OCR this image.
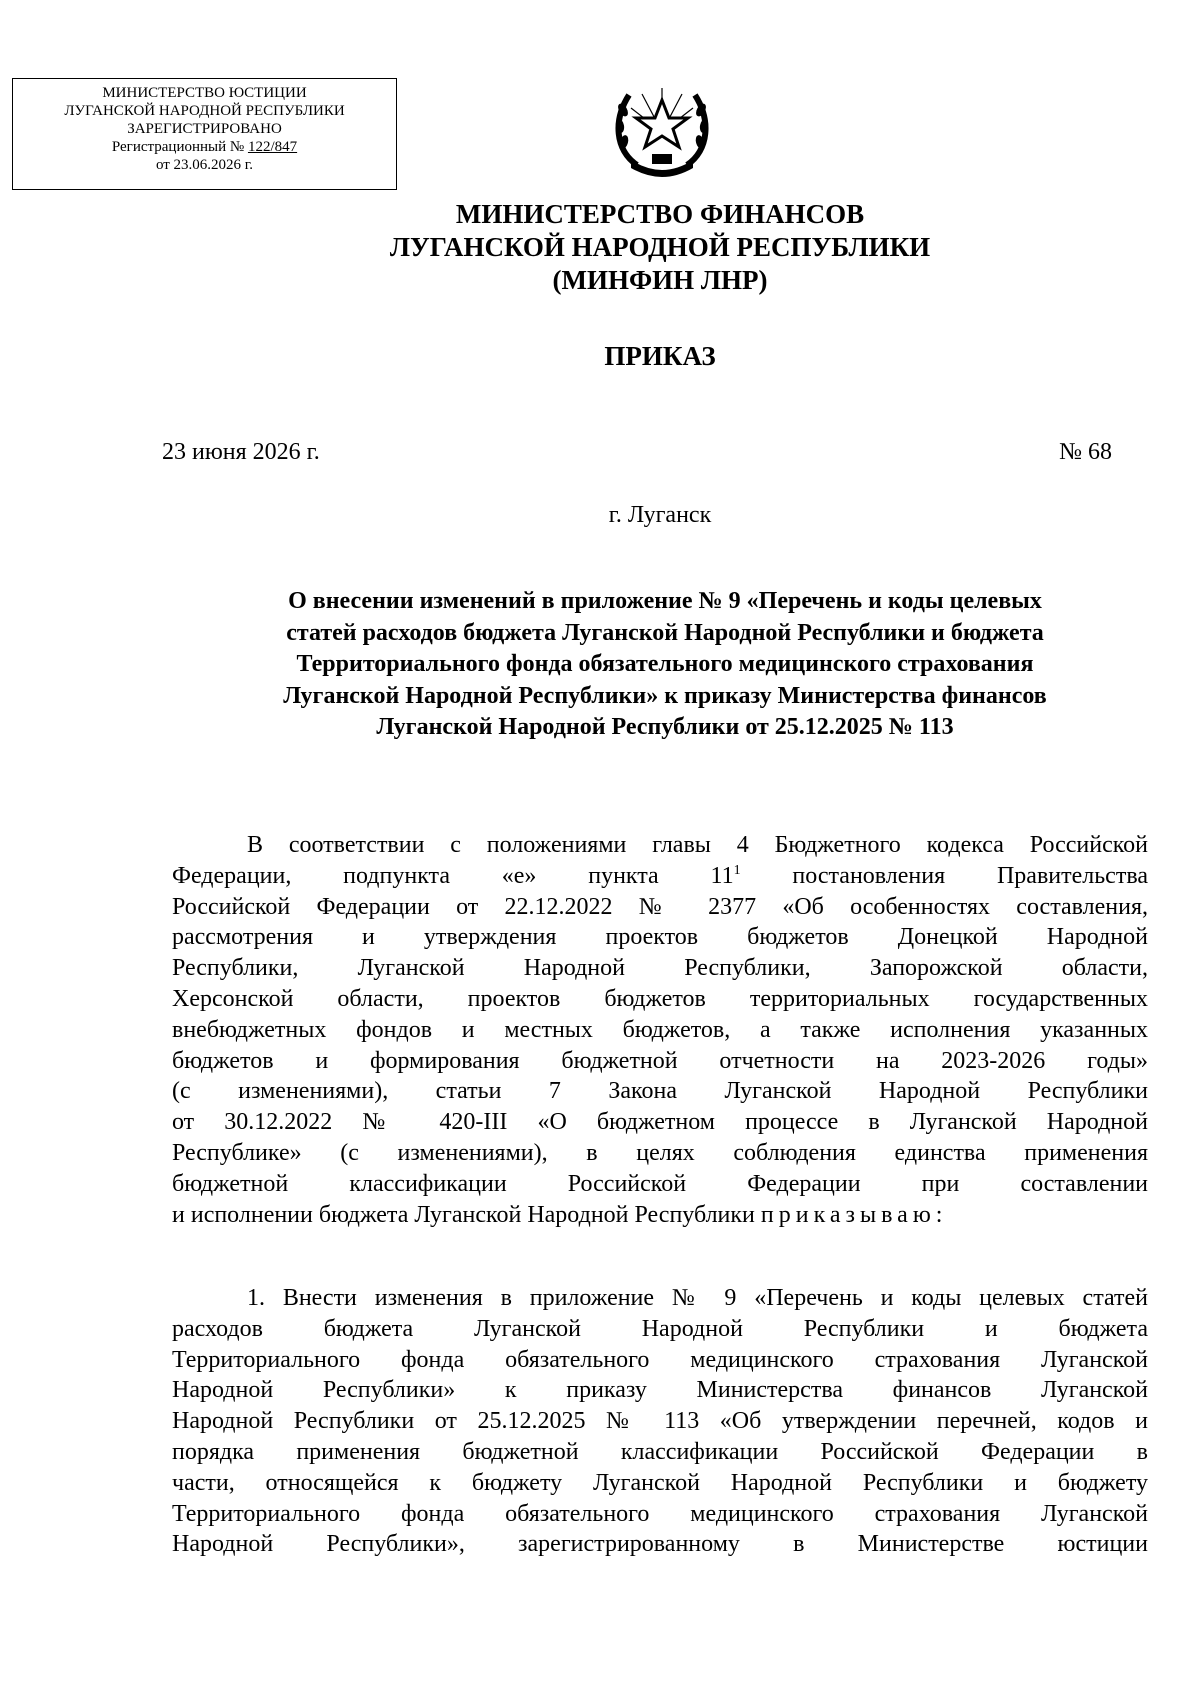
МИНИСТЕРСТВО ЮСТИЦИИ
ЛУГАНСКОЙ НАРОДНОЙ РЕСПУБЛИКИ
ЗАРЕГИСТРИРОВАНО
Регистрационный № 122/847
от 23.06.2026 г.
МИНИСТЕРСТВО ФИНАНСОВ
ЛУГАНСКОЙ НАРОДНОЙ РЕСПУБЛИКИ
(МИНФИН ЛНР)
ПРИКАЗ
23 июня 2026 г.	№ 68
г. Луганск
О внесении изменений в приложение № 9 «Перечень и коды целевых
статей расходов бюджета Луганской Народной Республики и бюджета
Территориального фонда обязательного медицинского страхования
Луганской Народной Республики» к приказу Министерства финансов
Луганской Народной Республики от 25.12.2025 № 113
В соответствии с положениями главы 4 Бюджетного кодекса Российской
Федерации, подпункта «е» пункта $11^1$ постановления Правительства
Российской Федерации от 22.12.2022 № 2377 «Об особенностях составления,
рассмотрения и утверждения проектов бюджетов Донецкой Народной
Республики, Луганской Народной Республики, Запорожской области,
Херсонской области, проектов бюджетов территориальных государственных
внебюджетных фондов и местных бюджетов, а также исполнения указанных
бюджетов и формирования бюджетной отчетности на 2023-2026 годы»
(с изменениями), статьи 7 Закона Луганской Народной Республики
от 30.12.2022 № 420-III «О бюджетном процессе в Луганской Народной
Республике» (с изменениями), в целях соблюдения единства применения
бюджетной классификации Российской Федерации при составлении
и исполнении бюджета Луганской Народной Республики приказываю:
1. Внести изменения в приложение № 9 «Перечень и коды целевых статей
расходов бюджета Луганской Народной Республики и бюджета
Территориального фонда обязательного медицинского страхования Луганской
Народной Республики» к приказу Министерства финансов Луганской
Народной Республики от 25.12.2025 № 113 «Об утверждении перечней, кодов и
порядка применения бюджетной классификации Российской Федерации в
части, относящейся к бюджету Луганской Народной Республики и бюджету
Территориального фонда обязательного медицинского страхования Луганской
Народной Республики», зарегистрированному в Министерстве юстиции
